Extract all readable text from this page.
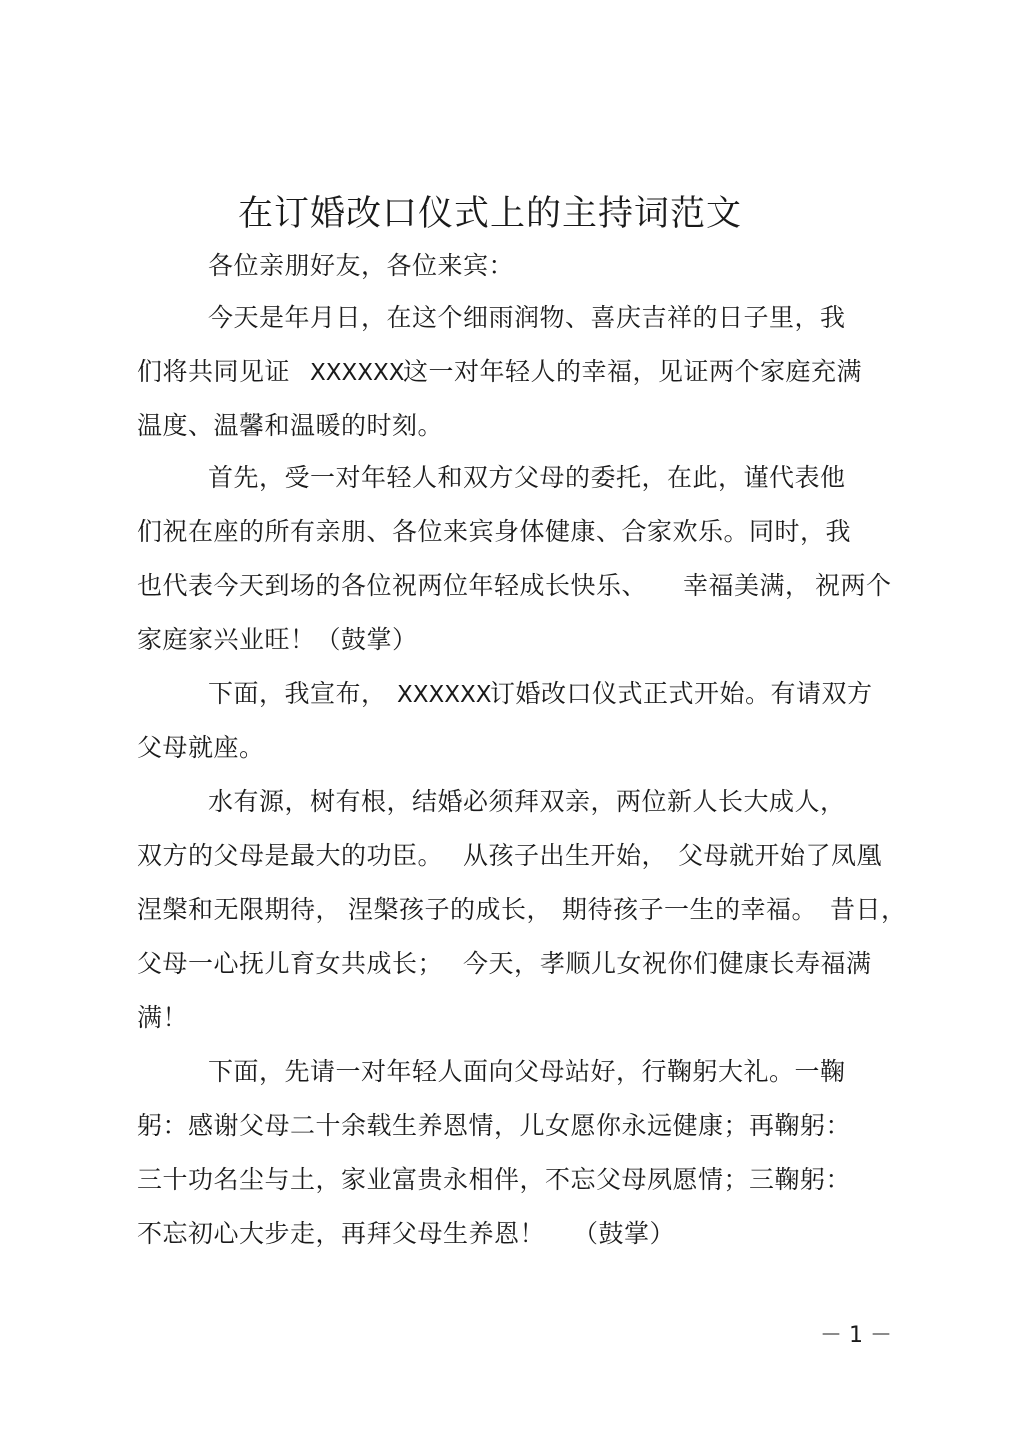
在订婚改口仪式上的主持词范文
各位亲朋好友，各位来宾：
今天是年月日，在这个细雨润物、喜庆吉祥的日子里，我
们将共同见证 XXXXXX
这一对年轻人的幸福，见证两个家庭充满
温度、温馨和温暖的时刻。
首先，受一对年轻人和双方父母的委托，在此，谨代表他
们祝在座的所有亲朋、各位来宾身体健康、合家欢乐。同时，我
也代表今天到场的各位祝两位年轻成长快乐、 幸福美满， 祝两个
家庭家兴业旺！（鼓掌）
下面，我宣布， XXXXXX
订婚改口仪式正式开始。有请双方
父母就座。
水有源，树有根，结婚必须拜双亲，两位新人长大成人，
双方的父母是最大的功臣。 从孩子出生开始， 父母就开始了凤凰
涅槃和无限期待， 涅槃孩子的成长， 期待孩子一生的幸福。 昔日，
父母一心抚儿育女共成长； 今天， 孝顺儿女祝你们健康长寿福满
满！
下面，先请一对年轻人面向父母站好，行鞠躬大礼。一鞠
躬：感谢父母二十余载生养恩情，儿女愿你永远健康；再鞠躬：
三十功名尘与土，家业富贵永相伴，不忘父母夙愿情；三鞠躬：
不忘初心大步走，再拜父母生养恩！ （鼓掌）
－ 1 －
